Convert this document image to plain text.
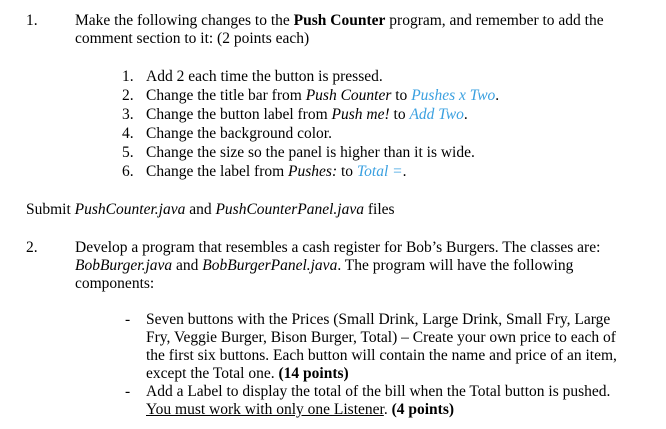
1. Make the following changes to the Push Counter program, and remember to add the
comment section to it: (2 points each)
1. Add 2 each time the button is pressed.
2. Change the title bar from Push Counter to Pushes x Two.
3. Change the button label from Push me! to Add Two.
4. Change the background color.
5. Change the size so the panel is higher than it is wide.
6. Change the label from Pushes: to Total =.
Submit PushCounter.java and PushCounterPanel.java files
2. Develop a program that resembles a cash register for Bob’s Burgers. The classes are:
BobBurger.java and BobBurgerPanel.java. The program will have the following
components:
- Seven buttons with the Prices (Small Drink, Large Drink, Small Fry, Large
Fry, Veggie Burger, Bison Burger, Total) – Create your own price to each of
the first six buttons. Each button will contain the name and price of an item,
except the Total one. (14 points)
- Add a Label to display the total of the bill when the Total button is pushed.
You must work with only one Listener. (4 points)
